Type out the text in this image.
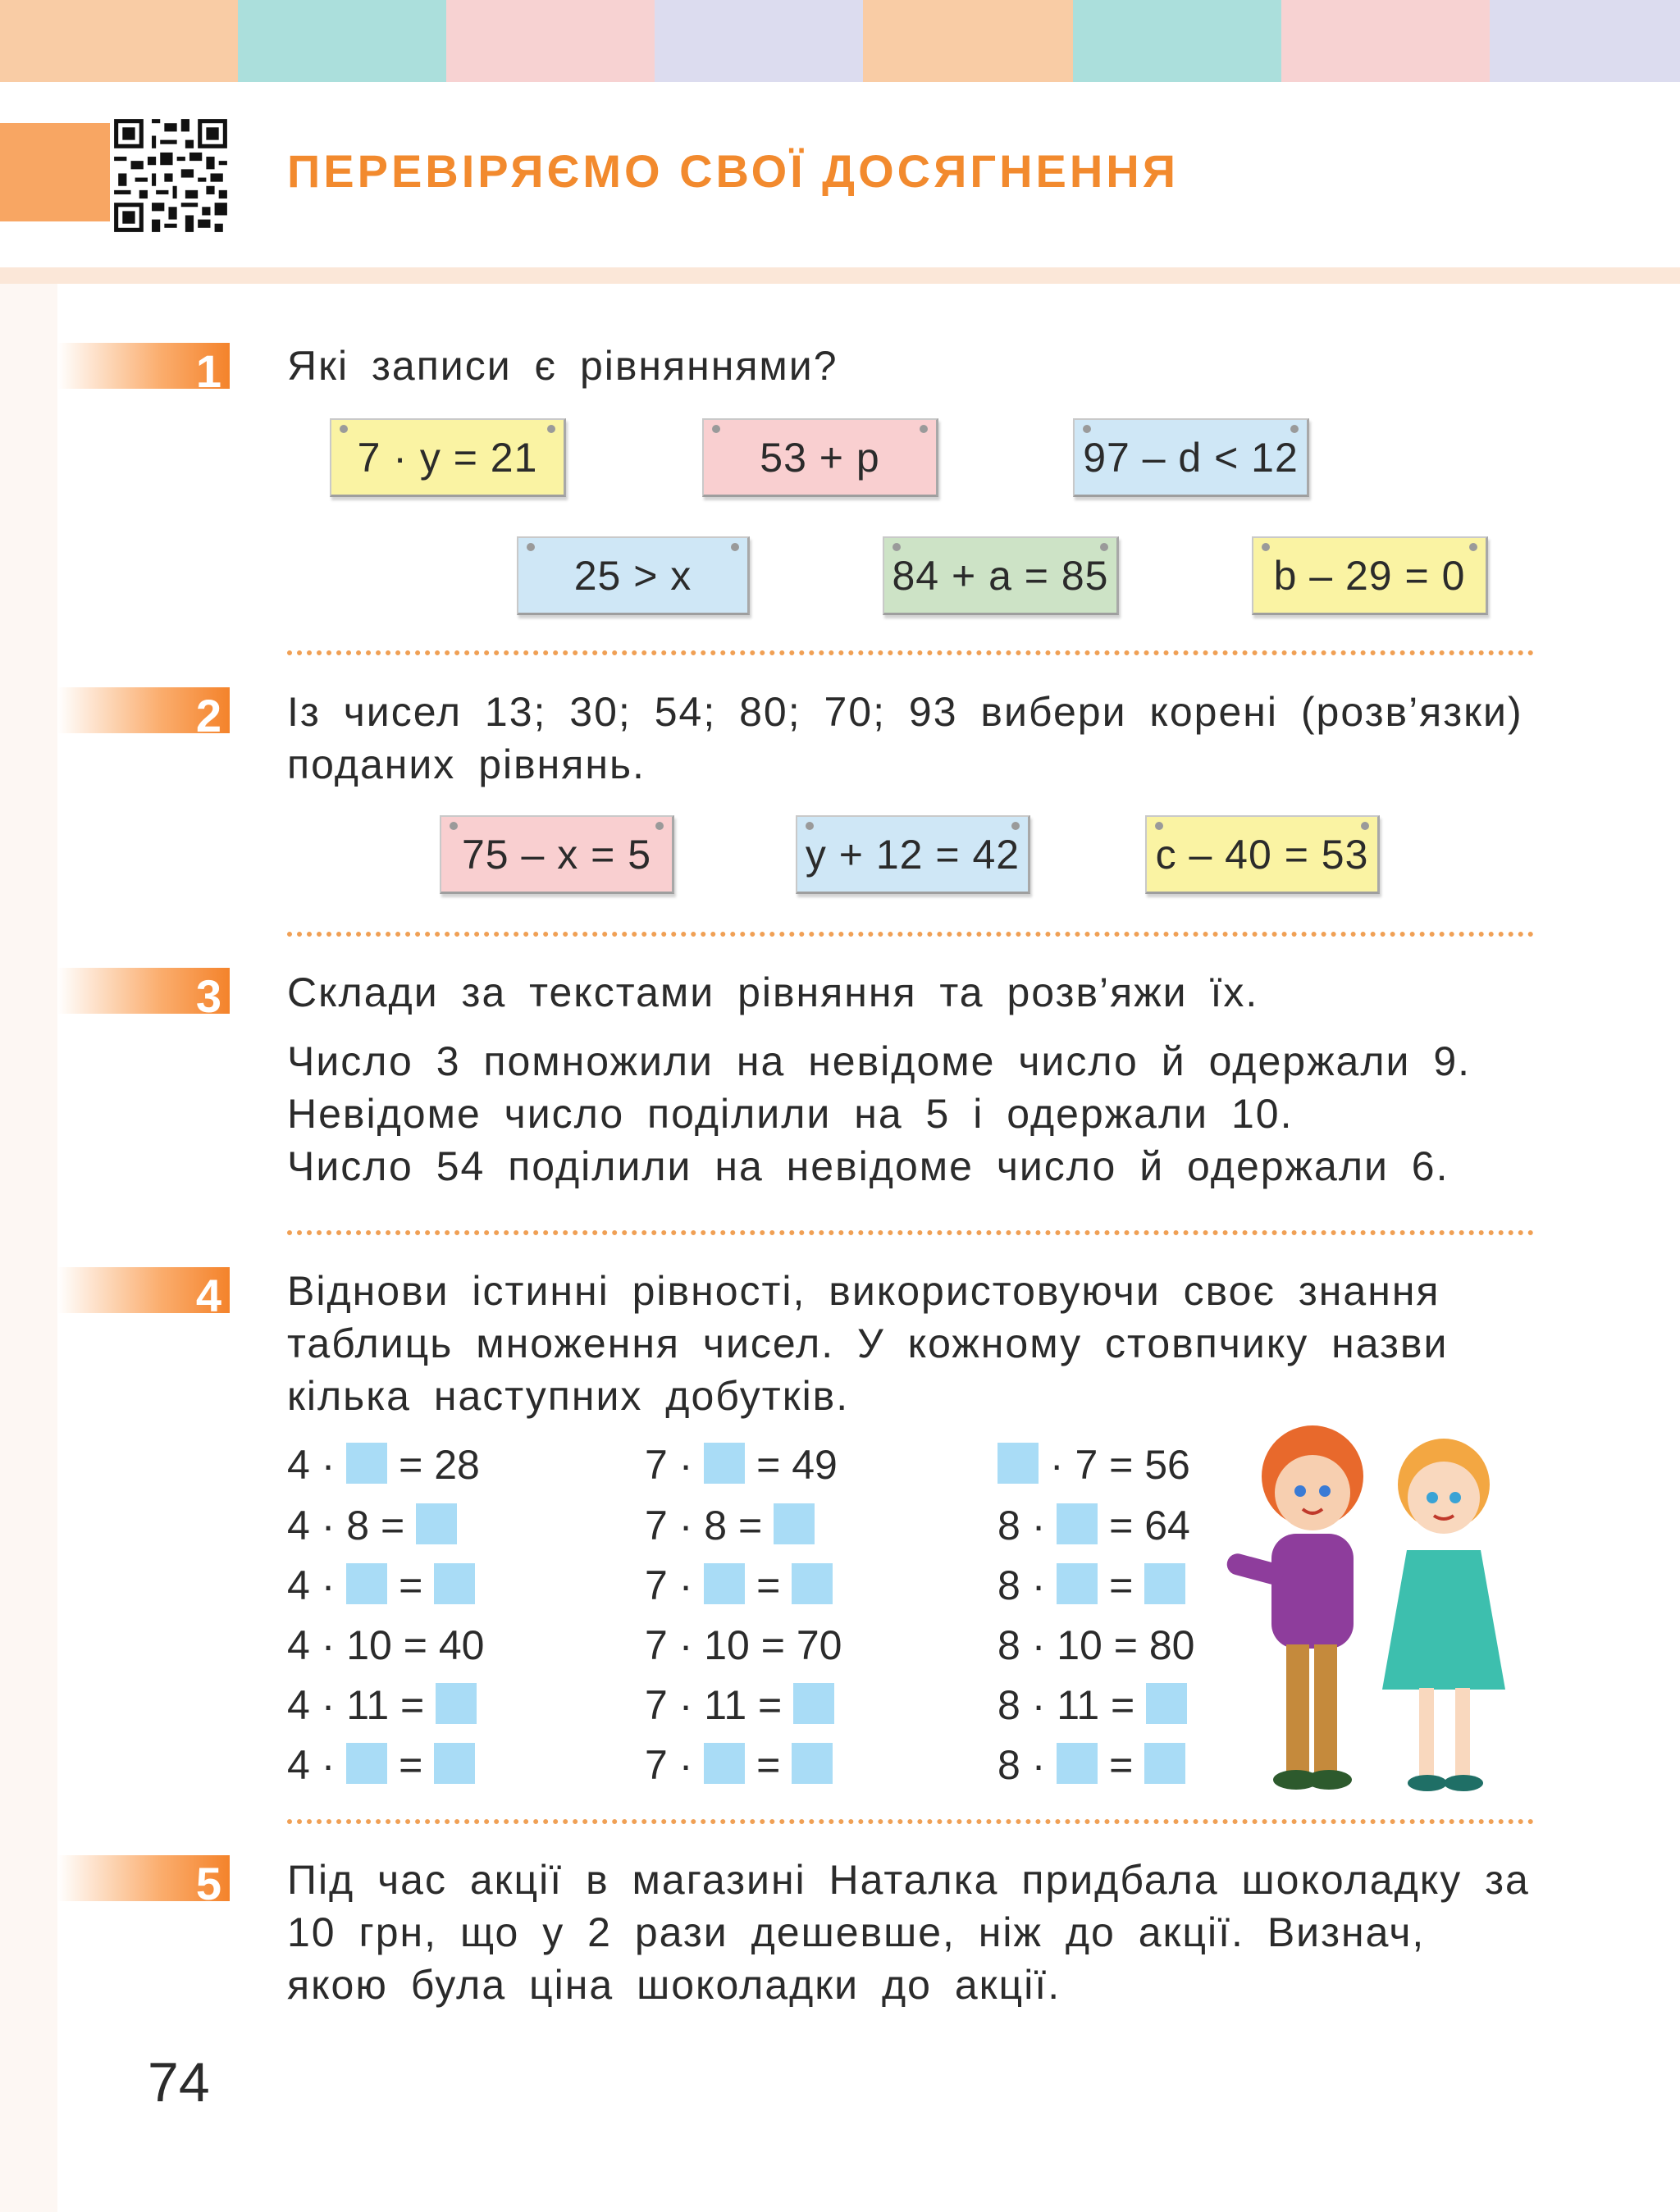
ПЕРЕВІРЯЄМО СВОЇ ДОСЯГНЕННЯ
1 Які записи є рівняннями?
7 · y = 21	53 + p	97 – d < 12
25 > x	84 + a = 85	b – 29 = 0
2 Із чисел 13; 30; 54; 80; 70; 93 вибери корені (розв’язки) поданих рівнянь.
75 – x = 5	y + 12 = 42	c – 40 = 53
3 Склади за текстами рівняння та розв’яжи їх.
Число 3 помножили на невідоме число й одержали 9.
Невідоме число поділили на 5 і одержали 10.
Число 54 поділили на невідоме число й одержали 6.
4 Віднови істинні рівності, використовуючи своє знання таблиць множення чисел. У кожному стовпчику назви кілька наступних добутків.
4 ·  = 28
4 · 8 =
4 ·  =
4 · 10 = 40
4 · 11 =
4 ·  =
7 ·  = 49
7 · 8 =
7 ·  =
7 · 10 = 70
7 · 11 =
7 ·  =
· 7 = 56
8 ·  = 64
8 ·  =
8 · 10 = 80
8 · 11 =
8 ·  =
5 Під час акції в магазині Наталка придбала шоколадку за 10 грн, що у 2 рази дешевше, ніж до акції. Визнач, якою була ціна шоколадки до акції.
74
